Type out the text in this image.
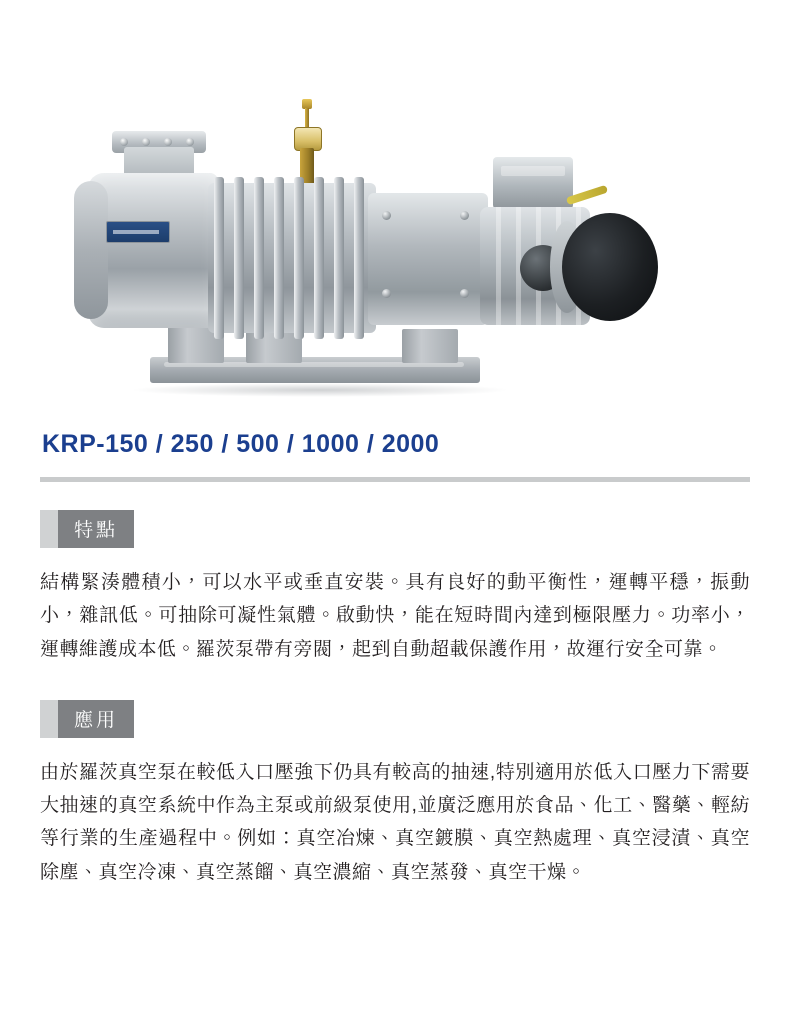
KRP-150 / 250 / 500 / 1000 / 2000
特點

結構緊湊體積小，可以水平或垂直安裝。具有良好的動平衡性，運轉平穩，振動小，雜訊低。可抽除可凝性氣體。啟動快，能在短時間內達到極限壓力。功率小，運轉維護成本低。羅茨泵帶有旁閥，起到自動超載保護作用，故運行安全可靠。

應用

由於羅茨真空泵在較低入口壓強下仍具有較高的抽速,特別適用於低入口壓力下需要大抽速的真空系統中作為主泵或前級泵使用,並廣泛應用於食品、化工、醫藥、輕紡等行業的生產過程中。例如：真空冶煉、真空鍍膜、真空熱處理、真空浸漬、真空除塵、真空冷凍、真空蒸餾、真空濃縮、真空蒸發、真空干燥。
